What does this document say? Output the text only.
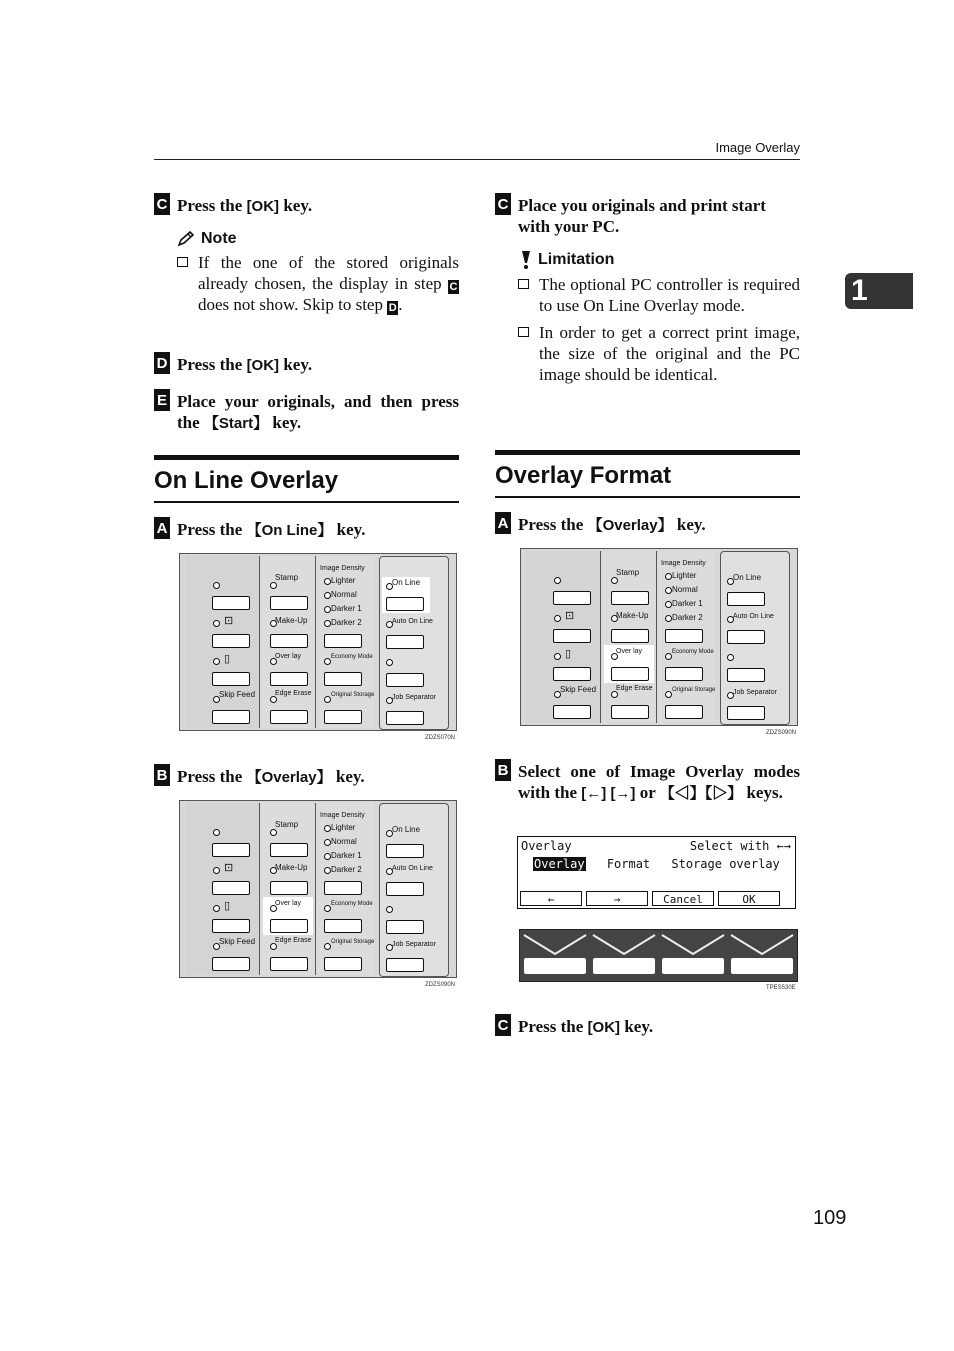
Image Overlay
1
109
C Press the [OK] key.
Note
If the one of the stored originals already chosen, the display in step C does not show. Skip to step D.
D Press the [OK] key.
E Place your originals, and then press the 【Start】 key.
On Line Overlay
A Press the 【On Line】 key.
⊡
▯
Skip Feed
Stamp
Make-Up
Over lay
Edge Erase
Image Density
Lighter
Normal
Darker 1
Darker 2
Economy Mode
Original Storage
On Line
Auto On Line
Job Separator
ZDZS070N
B Press the 【Overlay】 key.
⊡
▯
Skip Feed
Stamp
Make-Up
Over lay
Edge Erase
Image Density
Lighter
Normal
Darker 1
Darker 2
Economy Mode
Original Storage
On Line
Auto On Line
Job Separator
ZDZS090N
C Place you originals and print start with your PC.
Limitation
The optional PC controller is required to use On Line Overlay mode.
In order to get a correct print image, the size of the original and the PC image should be identical.
Overlay Format
A Press the 【Overlay】 key.
⊡
▯
Skip Feed
Stamp
Make-Up
Over lay
Edge Erase
Image Density
Lighter
Normal
Darker 1
Darker 2
Economy Mode
Original Storage
On Line
Auto On Line
Job Separator
ZDZS090N
B Select one of Image Overlay modes with the [←] [→] or 【◁】【▷】 keys.
Overlay	Select with ←→
Overlay Format Storage overlay
←	→	Cancel	OK
TPES530E
C Press the [OK] key.
